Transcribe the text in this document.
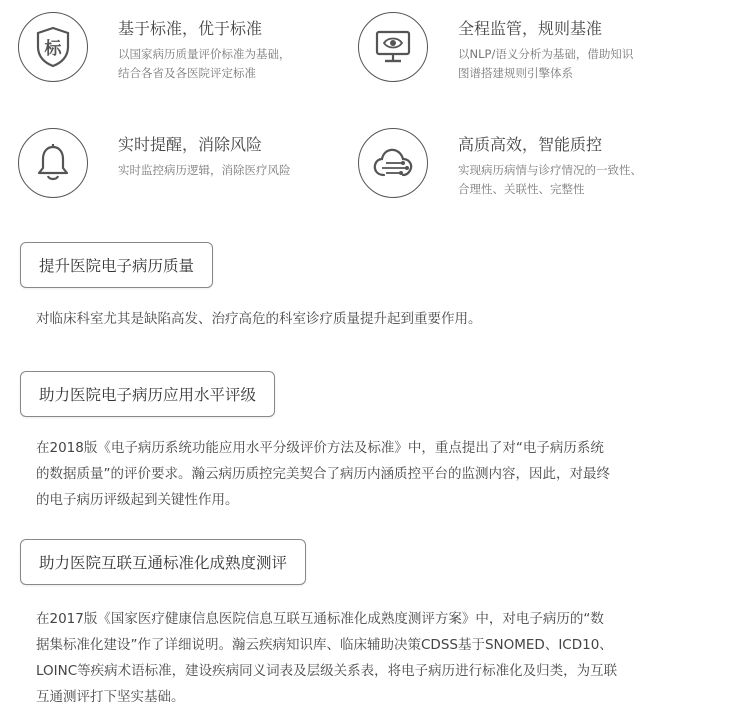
标
基于标准，优于标准
以国家病历质量评价标准为基础，
结合各省及各医院评定标准
全程监管，规则基准
以NLP/语义分析为基础，借助知识
图谱搭建规则引擎体系
实时提醒，消除风险
实时监控病历逻辑，消除医疗风险
高质高效，智能质控
实现病历病情与诊疗情况的一致性、
合理性、关联性、完整性
提升医院电子病历质量
对临床科室尤其是缺陷高发、治疗高危的科室诊疗质量提升起到重要作用。
助力医院电子病历应用水平评级
在2018版《电子病历系统功能应用水平分级评价方法及标准》中，重点提出了对“电子病历系统
的数据质量”的评价要求。瀚云病历质控完美契合了病历内涵质控平台的监测内容，因此，对最终
的电子病历评级起到关键性作用。
助力医院互联互通标准化成熟度测评
在2017版《国家医疗健康信息医院信息互联互通标准化成熟度测评方案》中，对电子病历的“数
据集标准化建设”作了详细说明。瀚云疾病知识库、临床辅助决策CDSS基于SNOMED、ICD10、
LOINC等疾病术语标准，建设疾病同义词表及层级关系表，将电子病历进行标准化及归类，为互联
互通测评打下坚实基础。
